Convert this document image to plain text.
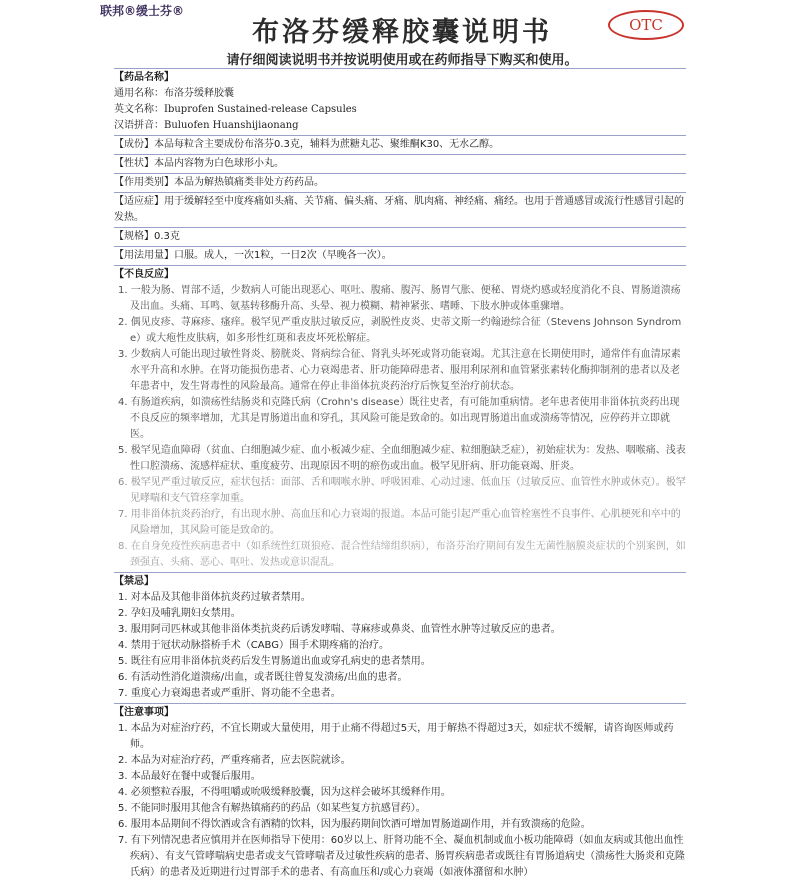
联邦®缓士芬®
布洛芬缓释胶囊说明书	OTC

请仔细阅读说明书并按说明使用或在药师指导下购买和使用。

【药品名称】

通用名称：布洛芬缓释胶囊

英文名称：Ibuprofen Sustained-release Capsules

汉语拼音：Buluofen Huanshijiaonang

【成份】本品每粒含主要成份布洛芬0.3克，辅料为蔗糖丸芯、聚维酮K30、无水乙醇。

【性状】本品内容物为白色球形小丸。

【作用类别】本品为解热镇痛类非处方药药品。

【适应症】用于缓解轻至中度疼痛如头痛、关节痛、偏头痛、牙痛、肌肉痛、神经痛、痛经。也用于普通感冒或流行性感冒引起的发热。

【规格】0.3克

【用法用量】口服。成人，一次1粒，一日2次（早晚各一次）。

【不良反应】

1. 一般为肠、胃部不适，少数病人可能出现恶心、呕吐、腹痛、腹泻、肠胃气胀、便秘、胃烧灼感或轻度消化不良、胃肠道溃疡及出血。头痛、耳鸣、氨基转移酶升高、头晕、视力模糊、精神紧张、嗜睡、下肢水肿或体重骤增。
2. 偶见皮疹、荨麻疹、瘙痒。极罕见严重皮肤过敏反应，剥脱性皮炎、史蒂文斯一约翰逊综合征（Stevens Johnson Syndrome）或大疱性皮肤病，如多形性红斑和表皮坏死松解症。
3. 少数病人可能出现过敏性肾炎、膀胱炎、肾病综合征、肾乳头坏死或肾功能衰竭。尤其注意在长期使用时，通常伴有血清尿素水平升高和水肿。在肾功能损伤患者、心力衰竭患者、肝功能障碍患者、服用利尿剂和血管紧张素转化酶抑制剂的患者以及老年患者中，发生肾毒性的风险最高。通常在停止非甾体抗炎药治疗后恢复至治疗前状态。
4. 有肠道疾病，如溃疡性结肠炎和克隆氏病（Crohn's disease）既往史者，有可能加重病情。老年患者使用非甾体抗炎药出现不良反应的频率增加，尤其是胃肠道出血和穿孔，其风险可能是致命的。如出现胃肠道出血或溃疡等情况，应停药并立即就医。
5. 极罕见造血障碍（贫血、白细胞减少症、血小板减少症、全血细胞减少症、粒细胞缺乏症），初始症状为：发热、咽喉痛、浅表性口腔溃疡、流感样症状、重度疲劳、出现原因不明的瘀伤或出血。极罕见肝病、肝功能衰竭、肝炎。
6. 极罕见严重过敏反应，症状包括：面部、舌和咽喉水肿、呼吸困难、心动过速、低血压（过敏反应、血管性水肿或休克）。极罕见哮喘和支气管痉挛加重。
7. 用非甾体抗炎药治疗，有出现水肿、高血压和心力衰竭的报道。本品可能引起严重心血管栓塞性不良事件、心肌梗死和卒中的风险增加，其风险可能是致命的。
8. 在自身免疫性疾病患者中（如系统性红斑狼疮、混合性结缔组织病），布洛芬治疗期间有发生无菌性脑膜炎症状的个别案例，如颈强直、头痛、恶心、呕吐、发热或意识混乱。

【禁忌】

1. 对本品及其他非甾体抗炎药过敏者禁用。
2. 孕妇及哺乳期妇女禁用。
3. 服用阿司匹林或其他非甾体类抗炎药后诱发哮喘、荨麻疹或鼻炎、血管性水肿等过敏反应的患者。
4. 禁用于冠状动脉搭桥手术（CABG）围手术期疼痛的治疗。
5. 既往有应用非甾体抗炎药后发生胃肠道出血或穿孔病史的患者禁用。
6. 有活动性消化道溃疡/出血，或者既往曾复发溃疡/出血的患者。
7. 重度心力衰竭患者或严重肝、肾功能不全患者。

【注意事项】

1. 本品为对症治疗药，不宜长期或大量使用，用于止痛不得超过5天，用于解热不得超过3天，如症状不缓解，请咨询医师或药师。
2. 本品为对症治疗药，严重疼痛者，应去医院就诊。
3. 本品最好在餐中或餐后服用。
4. 必须整粒吞服，不得咀嚼或吮吸缓释胶囊，因为这样会破坏其缓释作用。
5. 不能同时服用其他含有解热镇痛药的药品（如某些复方抗感冒药）。
6. 服用本品期间不得饮酒或含有酒精的饮料，因为服药期间饮酒可增加胃肠道副作用，并有致溃疡的危险。
7. 有下列情况患者应慎用并在医师指导下使用：60岁以上、肝肾功能不全、凝血机制或血小板功能障碍（如血友病或其他出血性疾病）、有支气管哮喘病史患者或支气管哮喘者及过敏性疾病的患者、肠胃疾病患者或既往有胃肠道病史（溃疡性大肠炎和克隆氏病）的患者及近期进行过胃部手术的患者、有高血压和/或心力衰竭（如液体潴留和水肿）
